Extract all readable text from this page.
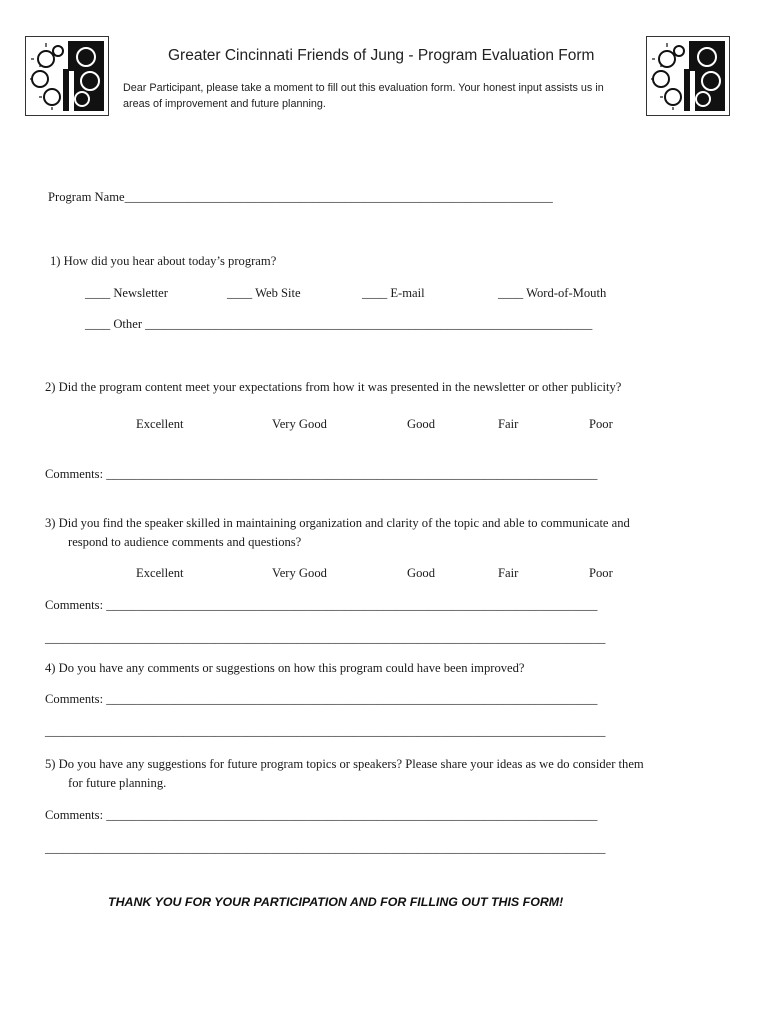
Greater Cincinnati Friends of Jung - Program Evaluation Form
Dear Participant, please take a moment to fill out this evaluation form. Your honest input assists us in
areas of improvement and future planning.
Program Name____________________________________________________________________
1) How did you hear about today’s program?
____ Newsletter	____ Web Site	____ E-mail	____ Word-of-Mouth
____ Other _______________________________________________________________________
2) Did the program content meet your expectations from how it was presented in the newsletter or other publicity?
Excellent	Very Good	Good	Fair	Poor
Comments: ______________________________________________________________________________
3) Did you find the speaker skilled in maintaining organization and clarity of the topic and able to communicate and
respond to audience comments and questions?
Excellent	Very Good	Good	Fair	Poor
Comments: ______________________________________________________________________________
_________________________________________________________________________________________
4) Do you have any comments or suggestions on how this program could have been improved?
Comments: ______________________________________________________________________________
_________________________________________________________________________________________
5) Do you have any suggestions for future program topics or speakers? Please share your ideas as we do consider them
for future planning.
Comments: ______________________________________________________________________________
_________________________________________________________________________________________
THANK YOU FOR YOUR PARTICIPATION AND FOR FILLING OUT THIS FORM!
